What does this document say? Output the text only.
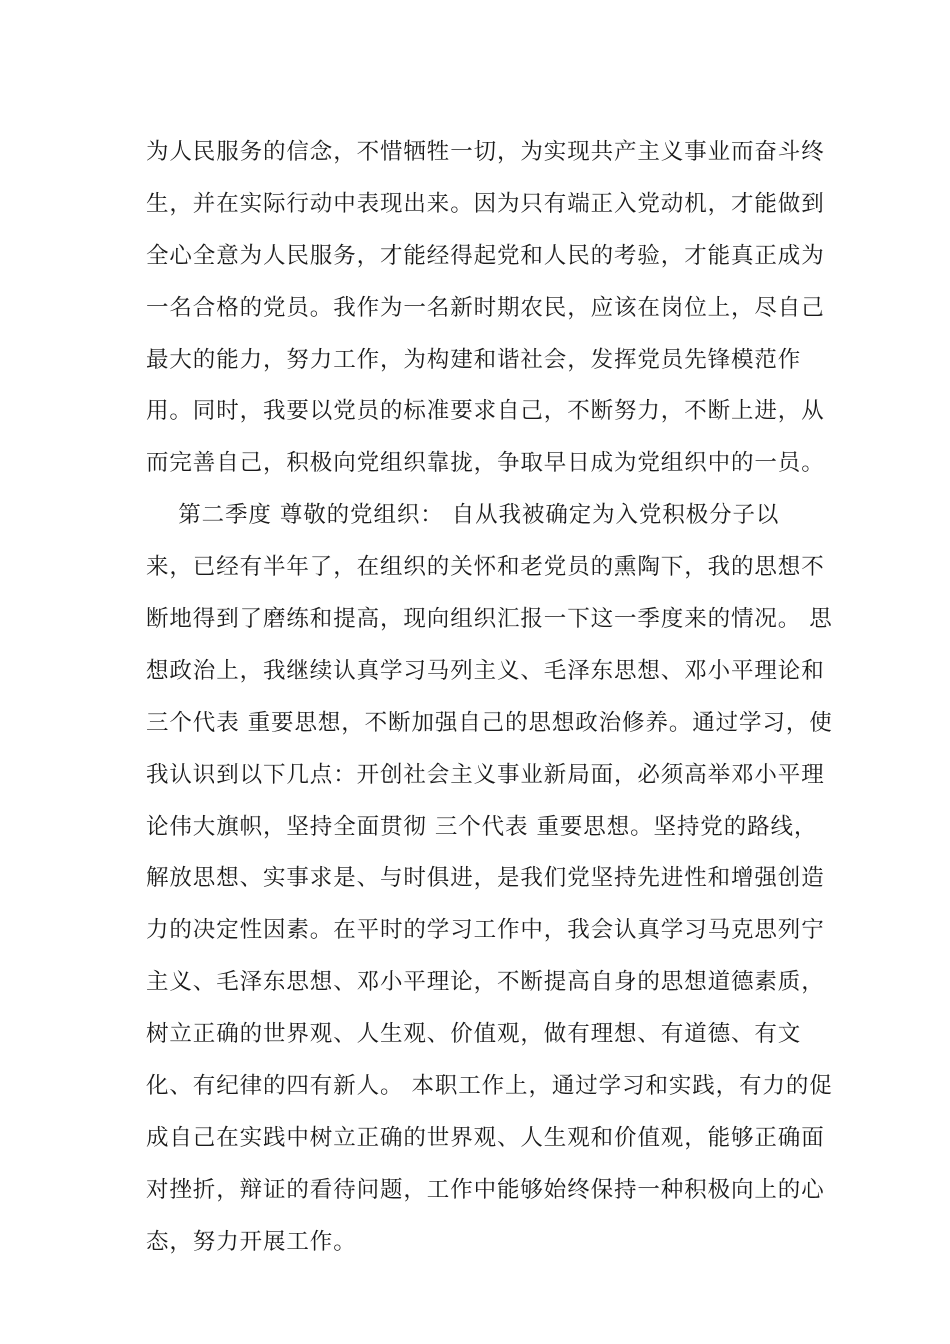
为人民服务的信念，不惜牺牲一切，为实现共产主义事业而奋斗终
生，并在实际行动中表现出来。因为只有端正入党动机，才能做到
全心全意为人民服务，才能经得起党和人民的考验，才能真正成为
一名合格的党员。我作为一名新时期农民，应该在岗位上，尽自己
最大的能力，努力工作，为构建和谐社会，发挥党员先锋模范作
用。同时，我要以党员的标准要求自己，不断努力，不断上进，从
而完善自己，积极向党组织靠拢，争取早日成为党组织中的一员。
第二季度 尊敬的党组织： 自从我被确定为入党积极分子以
来，已经有半年了，在组织的关怀和老党员的熏陶下，我的思想不
断地得到了磨练和提高，现向组织汇报一下这一季度来的情况。 思
想政治上，我继续认真学习马列主义、毛泽东思想、邓小平理论和
三个代表 重要思想，不断加强自己的思想政治修养。通过学习，使
我认识到以下几点：开创社会主义事业新局面，必须高举邓小平理
论伟大旗帜，坚持全面贯彻 三个代表 重要思想。坚持党的路线，
解放思想、实事求是、与时俱进，是我们党坚持先进性和增强创造
力的决定性因素。在平时的学习工作中，我会认真学习马克思列宁
主义、毛泽东思想、邓小平理论，不断提高自身的思想道德素质，
树立正确的世界观、人生观、价值观，做有理想、有道德、有文
化、有纪律的四有新人。 本职工作上，通过学习和实践，有力的促
成自己在实践中树立正确的世界观、人生观和价值观，能够正确面
对挫折，辩证的看待问题，工作中能够始终保持一种积极向上的心
态，努力开展工作。
